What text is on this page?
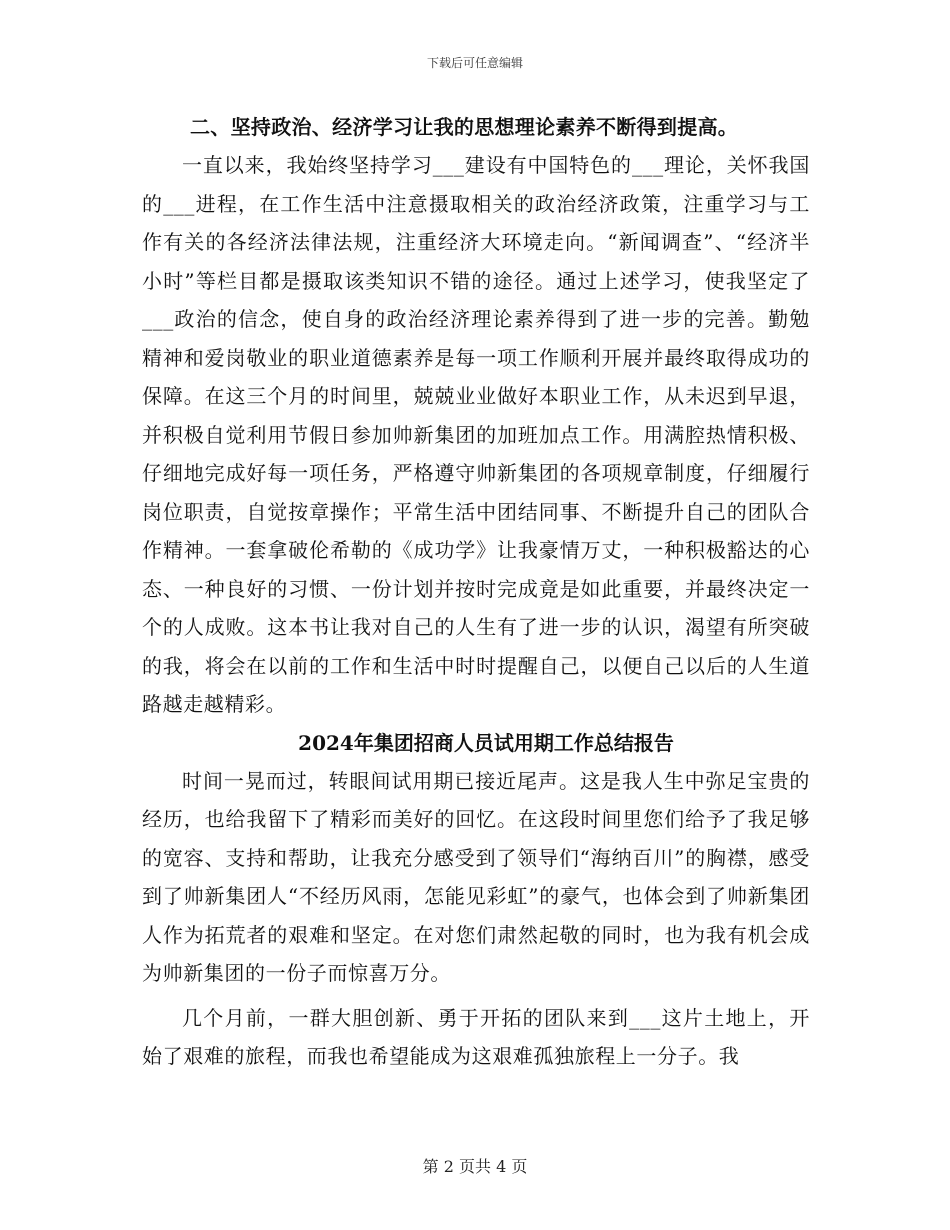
下载后可任意编辑

二、坚持政治、经济学习让我的思想理论素养不断得到提高。

一直以来，我始终坚持学习___建设有中国特色的___理论，关怀我国的___进程，在工作生活中注意摄取相关的政治经济政策，注重学习与工作有关的各经济法律法规，注重经济大环境走向。“新闻调查”、“经济半小时”等栏目都是摄取该类知识不错的途径。通过上述学习，使我坚定了___政治的信念，使自身的政治经济理论素养得到了进一步的完善。勤勉精神和爱岗敬业的职业道德素养是每一项工作顺利开展并最终取得成功的保障。在这三个月的时间里，兢兢业业做好本职业工作，从未迟到早退，并积极自觉利用节假日参加帅新集团的加班加点工作。用满腔热情积极、仔细地完成好每一项任务，严格遵守帅新集团的各项规章制度，仔细履行岗位职责，自觉按章操作；平常生活中团结同事、不断提升自己的团队合作精神。一套拿破伦希勒的《成功学》让我豪情万丈，一种积极豁达的心态、一种良好的习惯、一份计划并按时完成竟是如此重要，并最终决定一个的人成败。这本书让我对自己的人生有了进一步的认识，渴望有所突破的我，将会在以前的工作和生活中时时提醒自己，以便自己以后的人生道路越走越精彩。

2024年集团招商人员试用期工作总结报告

时间一晃而过，转眼间试用期已接近尾声。这是我人生中弥足宝贵的经历，也给我留下了精彩而美好的回忆。在这段时间里您们给予了我足够的宽容、支持和帮助，让我充分感受到了领导们“海纳百川”的胸襟，感受到了帅新集团人“不经历风雨，怎能见彩虹”的豪气，也体会到了帅新集团人作为拓荒者的艰难和坚定。在对您们肃然起敬的同时，也为我有机会成为帅新集团的一份子而惊喜万分。

几个月前，一群大胆创新、勇于开拓的团队来到___这片土地上，开始了艰难的旅程，而我也希望能成为这艰难孤独旅程上一分子。我

第 2 页共 4 页
